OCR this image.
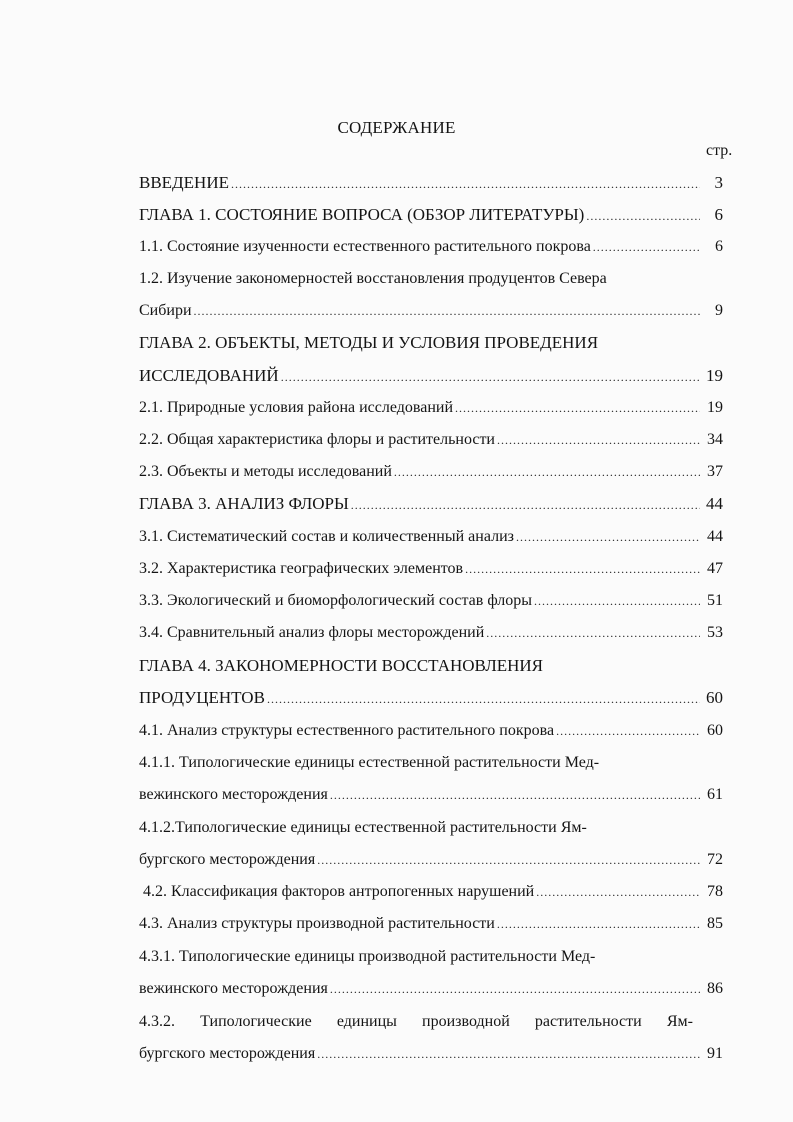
СОДЕРЖАНИЕ
стр.
ВВЕДЕНИЕ .....	3
ГЛАВА 1. СОСТОЯНИЕ ВОПРОСА (ОБЗОР ЛИТЕРАТУРЫ) .....	6
1.1. Состояние изученности естественного растительного покрова .....	6
1.2. Изучение закономерностей восстановления продуцентов Севера
Сибири .....	9
ГЛАВА 2. ОБЪЕКТЫ, МЕТОДЫ И УСЛОВИЯ ПРОВЕДЕНИЯ
ИССЛЕДОВАНИЙ .....	19
2.1. Природные условия района исследований .....	19
2.2. Общая характеристика флоры и растительности .....	34
2.3. Объекты и методы исследований .....	37
ГЛАВА 3. АНАЛИЗ ФЛОРЫ .....	44
3.1. Систематический состав и количественный анализ .....	44
3.2. Характеристика географических элементов .....	47
3.3. Экологический и биоморфологический состав флоры .....	51
3.4. Сравнительный анализ флоры месторождений .....	53
ГЛАВА 4. ЗАКОНОМЕРНОСТИ ВОССТАНОВЛЕНИЯ
ПРОДУЦЕНТОВ .....	60
4.1. Анализ структуры естественного растительного покрова .....	60
4.1.1. Типологические единицы естественной растительности Мед-
вежинского месторождения .....	61
4.1.2.Типологические единицы естественной растительности Ям-
бургского месторождения .....	72
4.2. Классификация факторов антропогенных нарушений .....	78
4.3. Анализ структуры производной растительности .....	85
4.3.1. Типологические единицы производной растительности Мед-
вежинского месторождения .....	86
4.3.2. Типологические единицы производной растительности Ям-
бургского месторождения .....	91
